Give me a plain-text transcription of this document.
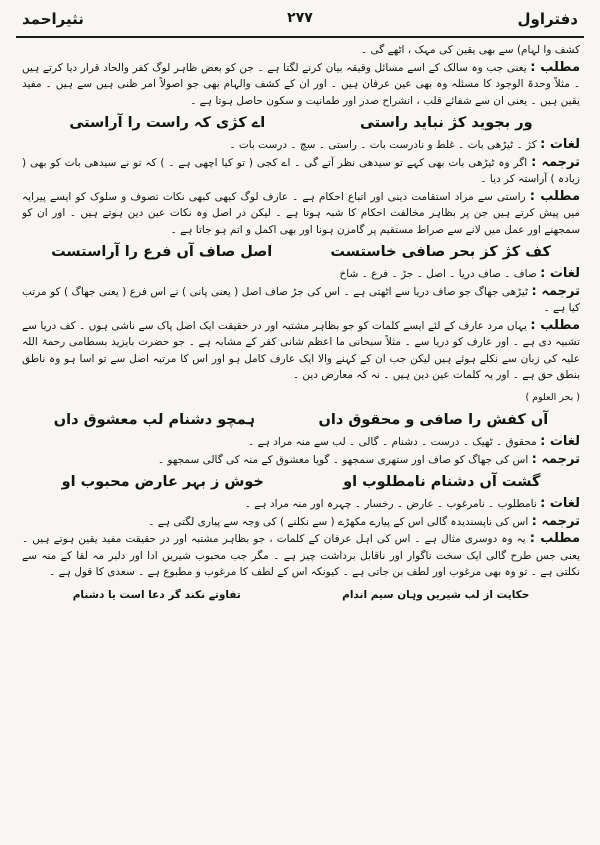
دفتراول
۲۷۷
نثیراحمد

کشف وا لہام) سے بھی یقین کی مہک ، اٹھے گی ۔

مطلب : یعنی جب وہ سالک کے اسے مسائل وقیقہ بیان کرنے لگتا ہے ۔ جن کو بعض ظاہر لوگ کفر والحاد قرار دیا کرتے ہیں ۔ مثلاً وحدۃ الوجود کا مسئلہ وہ بھی عین عرفان ہیں ۔ اور ان کے کشف والہام بھی جو اصولاً امر ظنی ہیں سے ہیں ۔ مفید یقین ہیں ۔ یعنی ان سے شفائے قلب ، انشراح صدر اور طمانیت و سکون حاصل ہوتا ہے ۔

ور بجوید کژ نباید راستی
اے کژی کہ راست را آراستی

لغات : کژ ۔ ٹیڑھی بات ۔ غلط و نادرست بات ۔ راستی ۔ سچ ۔ درست بات ۔

ترجمہ : اگر وہ ٹیڑھی بات بھی کہے تو سیدھی نظر آتے گی ۔ اے کجی ( تو کیا اچھی ہے ۔ ) کہ تو نے سیدھی بات کو بھی ( زیادہ ) آراستہ کر دیا ۔

مطلب : راستی سے مراد استقامت دینی اور اتباع احکام ہے ۔ عارف لوگ کبھی کبھی نکات تصوف و سلوک کو ایسے پیرایہ میں پیش کرتے ہیں جن پر بظاہر مخالفت احکام کا شبہ ہوتا ہے ۔ لیکن در اصل وہ نکات عین دین ہوتے ہیں ۔ اور ان کو سمجھنے اور عمل میں لانے سے صراط مستقیم پر گامزن ہونا اور بھی اکمل و اتم ہو جاتا ہے ۔

کف کژ کز بحر صافی خاستست
اصل صاف آں فرع را آراستست

لغات : صاف ۔ صاف دریا ۔ اصل ۔ جڑ ۔ فرع ۔ شاخ

ترجمہ : ٹیڑھی جھاگ جو صاف دریا سے اٹھتی ہے ۔ اس کی جڑ صاف اصل ( یعنی پانی ) نے اس فرع ( یعنی جھاگ ) کو مرتب کیا ہے ۔

مطلب : یہاں مرد عارف کے لئے ایسے کلمات کو جو بظاہر مشتبہ اور در حقیقت ایک اصل پاک سے ناشی ہوں ۔ کف دریا سے تشبیہ دی ہے ۔ اور عارف کو دریا سے ۔ مثلاً سبحانی ما اعظم شانی کفر کے مشابہ ہے ۔ جو حضرت بایزید بسطامی رحمۃ اللہ علیہ کی زبان سے نکلے ہوئے ہیں لیکن جب ان کے کہنے والا ایک عارف کامل ہو اور اس کا مرتبہ اصل سے تو اسا ہو وہ ناطق بنطق حق ہے ۔ اور یہ کلمات عین دین ہیں ۔ نہ کہ معارض دین ۔

( بحر العلوم )

آں کفش را صافی و محقوق داں
ہمچو دشنام لب معشوق داں

لغات : محقوق ۔ ٹھیک ۔ درست ۔ دشنام ۔ گالی ۔ لب سے منہ مراد ہے ۔

ترجمہ : اس کی جھاگ کو صاف اور ستھری سمجھو ۔ گویا معشوق کے منہ کی گالی سمجھو ۔

گشت آں دشنام نامطلوب او
خوش ز بہر عارض محبوب او

لغات : نامطلوب ۔ نامرغوب ۔ عارض ۔ رخسار ۔ چہرہ اور منہ مراد ہے ۔

ترجمہ : اس کی ناپسندیدہ گالی اس کے پیارے مکھڑے ( سے نکلنے ) کی وجہ سے پیاری لگتی ہے ۔

مطلب : یہ وہ دوسری مثال ہے ۔ اس کی اہل عرفان کے کلمات ، جو بظاہر مشتبہ اور در حقیقت مفید یقین ہوتے ہیں ۔ یعنی جس طرح گالی ایک سخت ناگوار اور ناقابل برداشت چیز ہے ۔ مگر جب محبوب شیریں ادا اور دلبر مہ لقا کے منہ سے نکلتی ہے ۔ تو وہ بھی مرغوب اور لطف بن جاتی ہے ۔ کیونکہ اس کے لطف کا مرغوب و مطبوع ہے ۔ سعدی کا قول ہے ۔

حکایت از لب شیریں وہان سیم اندام
تفاوتے نکند گر دعا است یا دشنام
